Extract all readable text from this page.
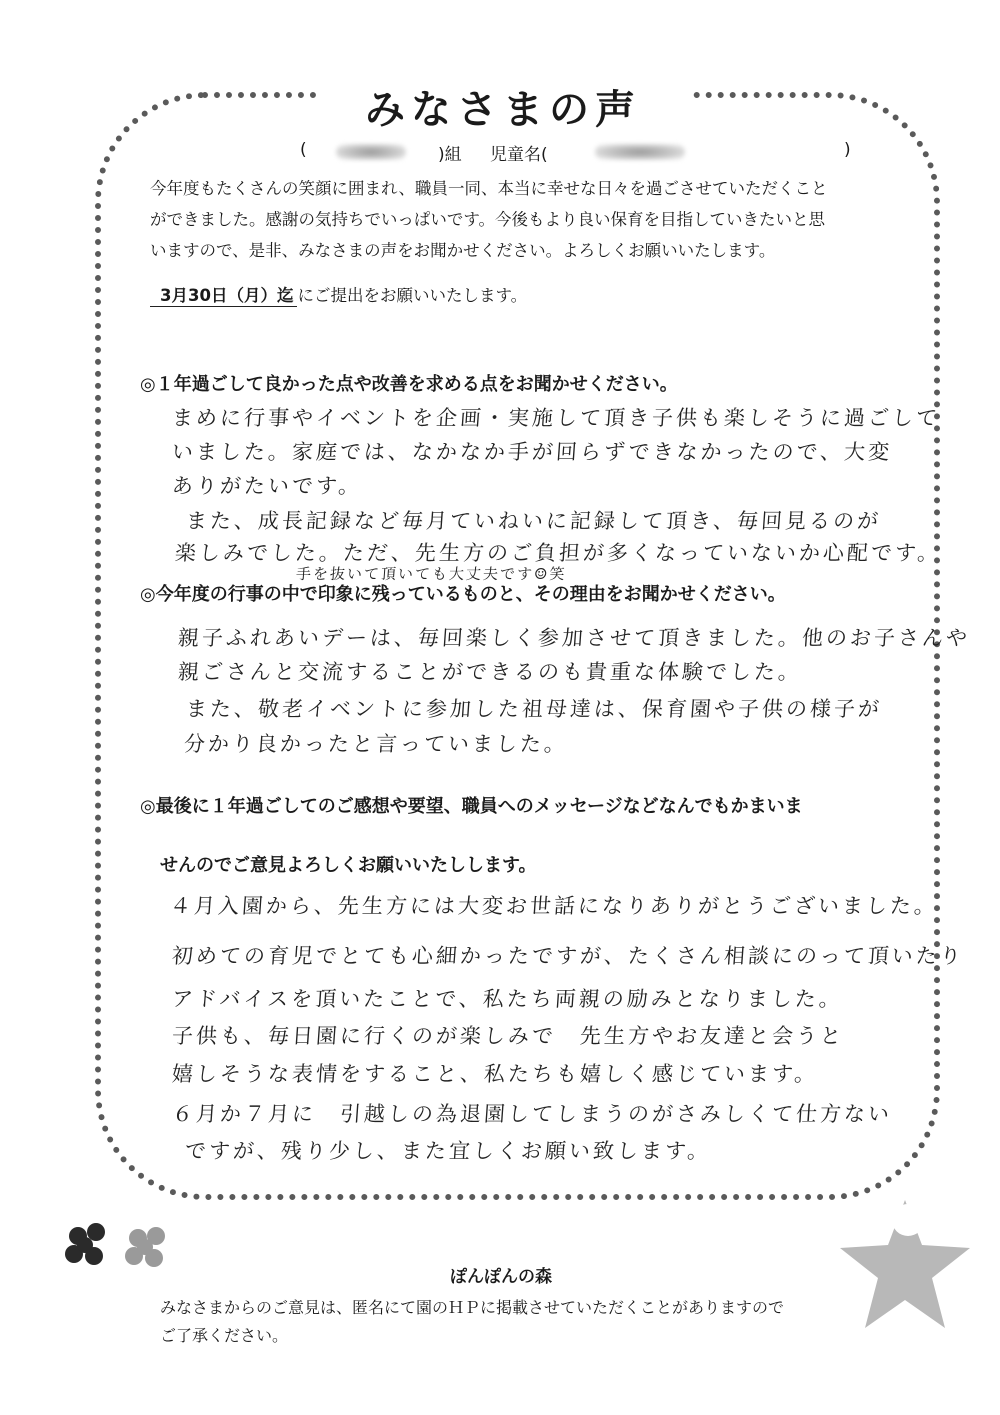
みなさまの声
(	)組 児童名(	)
今年度もたくさんの笑顔に囲まれ、職員一同、本当に幸せな日々を過ごさせていただくこと
ができました。感謝の気持ちでいっぱいです。今後もより良い保育を目指していきたいと思
いますので、是非、みなさまの声をお聞かせください。よろしくお願いいたします。
3月30日（月）迄 にご提出をお願いいたします。
◎１年過ごして良かった点や改善を求める点をお聞かせください。
まめに行事やイベントを企画・実施して頂き子供も楽しそうに過ごして
いました。家庭では、なかなか手が回らずできなかったので、大変
ありがたいです。
また、成長記録など毎月ていねいに記録して頂き、毎回見るのが
楽しみでした。ただ、先生方のご負担が多くなっていないか心配です。
手を抜いて頂いても大丈夫です☺笑
◎今年度の行事の中で印象に残っているものと、その理由をお聞かせください。
親子ふれあいデーは、毎回楽しく参加させて頂きました。他のお子さんや
親ごさんと交流することができるのも貴重な体験でした。
また、敬老イベントに参加した祖母達は、保育園や子供の様子が
分かり良かったと言っていました。
◎最後に１年過ごしてのご感想や要望、職員へのメッセージなどなんでもかまいま
せんのでご意見よろしくお願いいたしします。
４月入園から、先生方には大変お世話になりありがとうございました。
初めての育児でとても心細かったですが、たくさん相談にのって頂いたり
アドバイスを頂いたことで、私たち両親の励みとなりました。
子供も、毎日園に行くのが楽しみで　先生方やお友達と会うと
嬉しそうな表情をすること、私たちも嬉しく感じています。
６月か７月に　引越しの為退園してしまうのがさみしくて仕方ない
ですが、残り少し、また宜しくお願い致します。
ぽんぽんの森
みなさまからのご意見は、匿名にて園のＨＰに掲載させていただくことがありますので
ご了承ください。
